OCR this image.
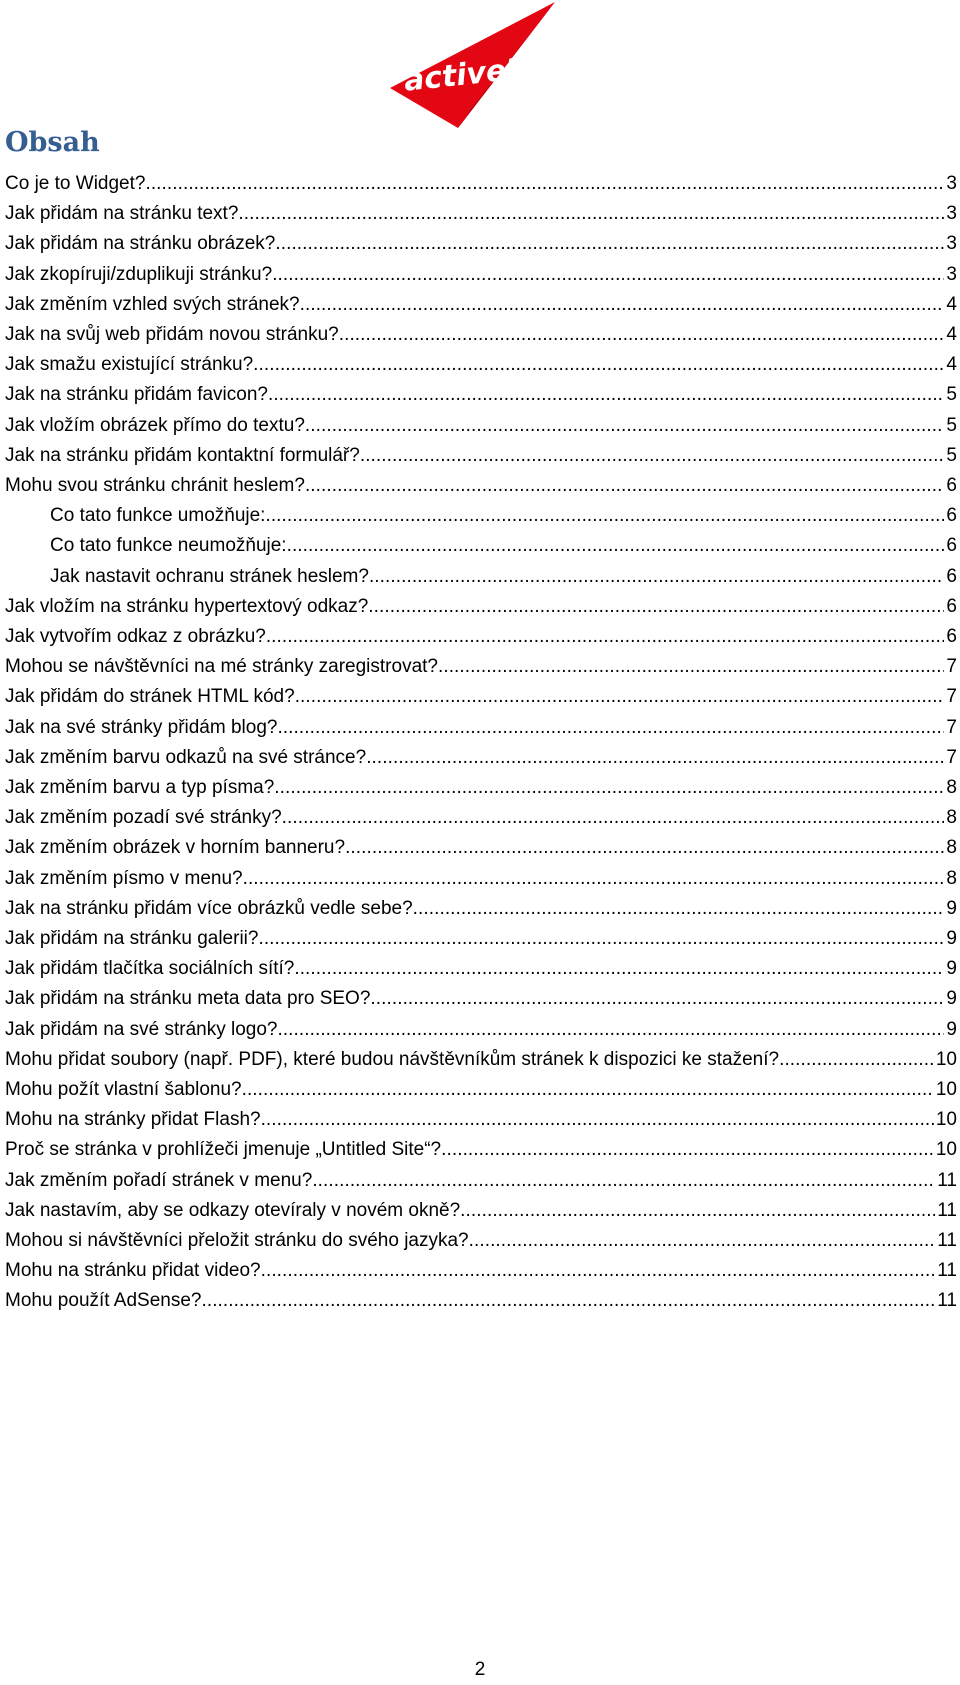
active24
Obsah
Co je to Widget? . . .	3
Jak přidám na stránku text? . . .	3
Jak přidám na stránku obrázek? . . .	3
Jak zkopíruji/zduplikuji stránku? . . .	3
Jak změním vzhled svých stránek? . . .	4
Jak na svůj web přidám novou stránku? . . .	4
Jak smažu existující stránku? . . .	4
Jak na stránku přidám favicon? . . .	5
Jak vložím obrázek přímo do textu? . . .	5
Jak na stránku přidám kontaktní formulář? . . .	5
Mohu svou stránku chránit heslem? . . .	6
Co tato funkce umožňuje: . . .	6
Co tato funkce neumožňuje: . . .	6
Jak nastavit ochranu stránek heslem? . . .	6
Jak vložím na stránku hypertextový odkaz? . . .	6
Jak vytvořím odkaz z obrázku? . . .	6
Mohou se návštěvníci na mé stránky zaregistrovat? . . .	7
Jak přidám do stránek HTML kód? . . .	7
Jak na své stránky přidám blog? . . .	7
Jak změním barvu odkazů na své stránce? . . .	7
Jak změním barvu a typ písma? . . .	8
Jak změním pozadí své stránky? . . .	8
Jak změním obrázek v horním banneru? . . .	8
Jak změním písmo v menu? . . .	8
Jak na stránku přidám více obrázků vedle sebe? . . .	9
Jak přidám na stránku galerii? . . .	9
Jak přidám tlačítka sociálních sítí? . . .	9
Jak přidám na stránku meta data pro SEO? . . .	9
Jak přidám na své stránky logo? . . .	9
Mohu přidat soubory (např. PDF), které budou návštěvníkům stránek k dispozici ke stažení? . . .	10
Mohu požít vlastní šablonu? . . .	10
Mohu na stránky přidat Flash? . . .	10
Proč se stránka v prohlížeči jmenuje „Untitled Site“? . . .	10
Jak změním pořadí stránek v menu? . . .	11
Jak nastavím, aby se odkazy otevíraly v novém okně? . . .	11
Mohou si návštěvníci přeložit stránku do svého jazyka? . . .	11
Mohu na stránku přidat video? . . .	11
Mohu použít AdSense? . . .	11
2
